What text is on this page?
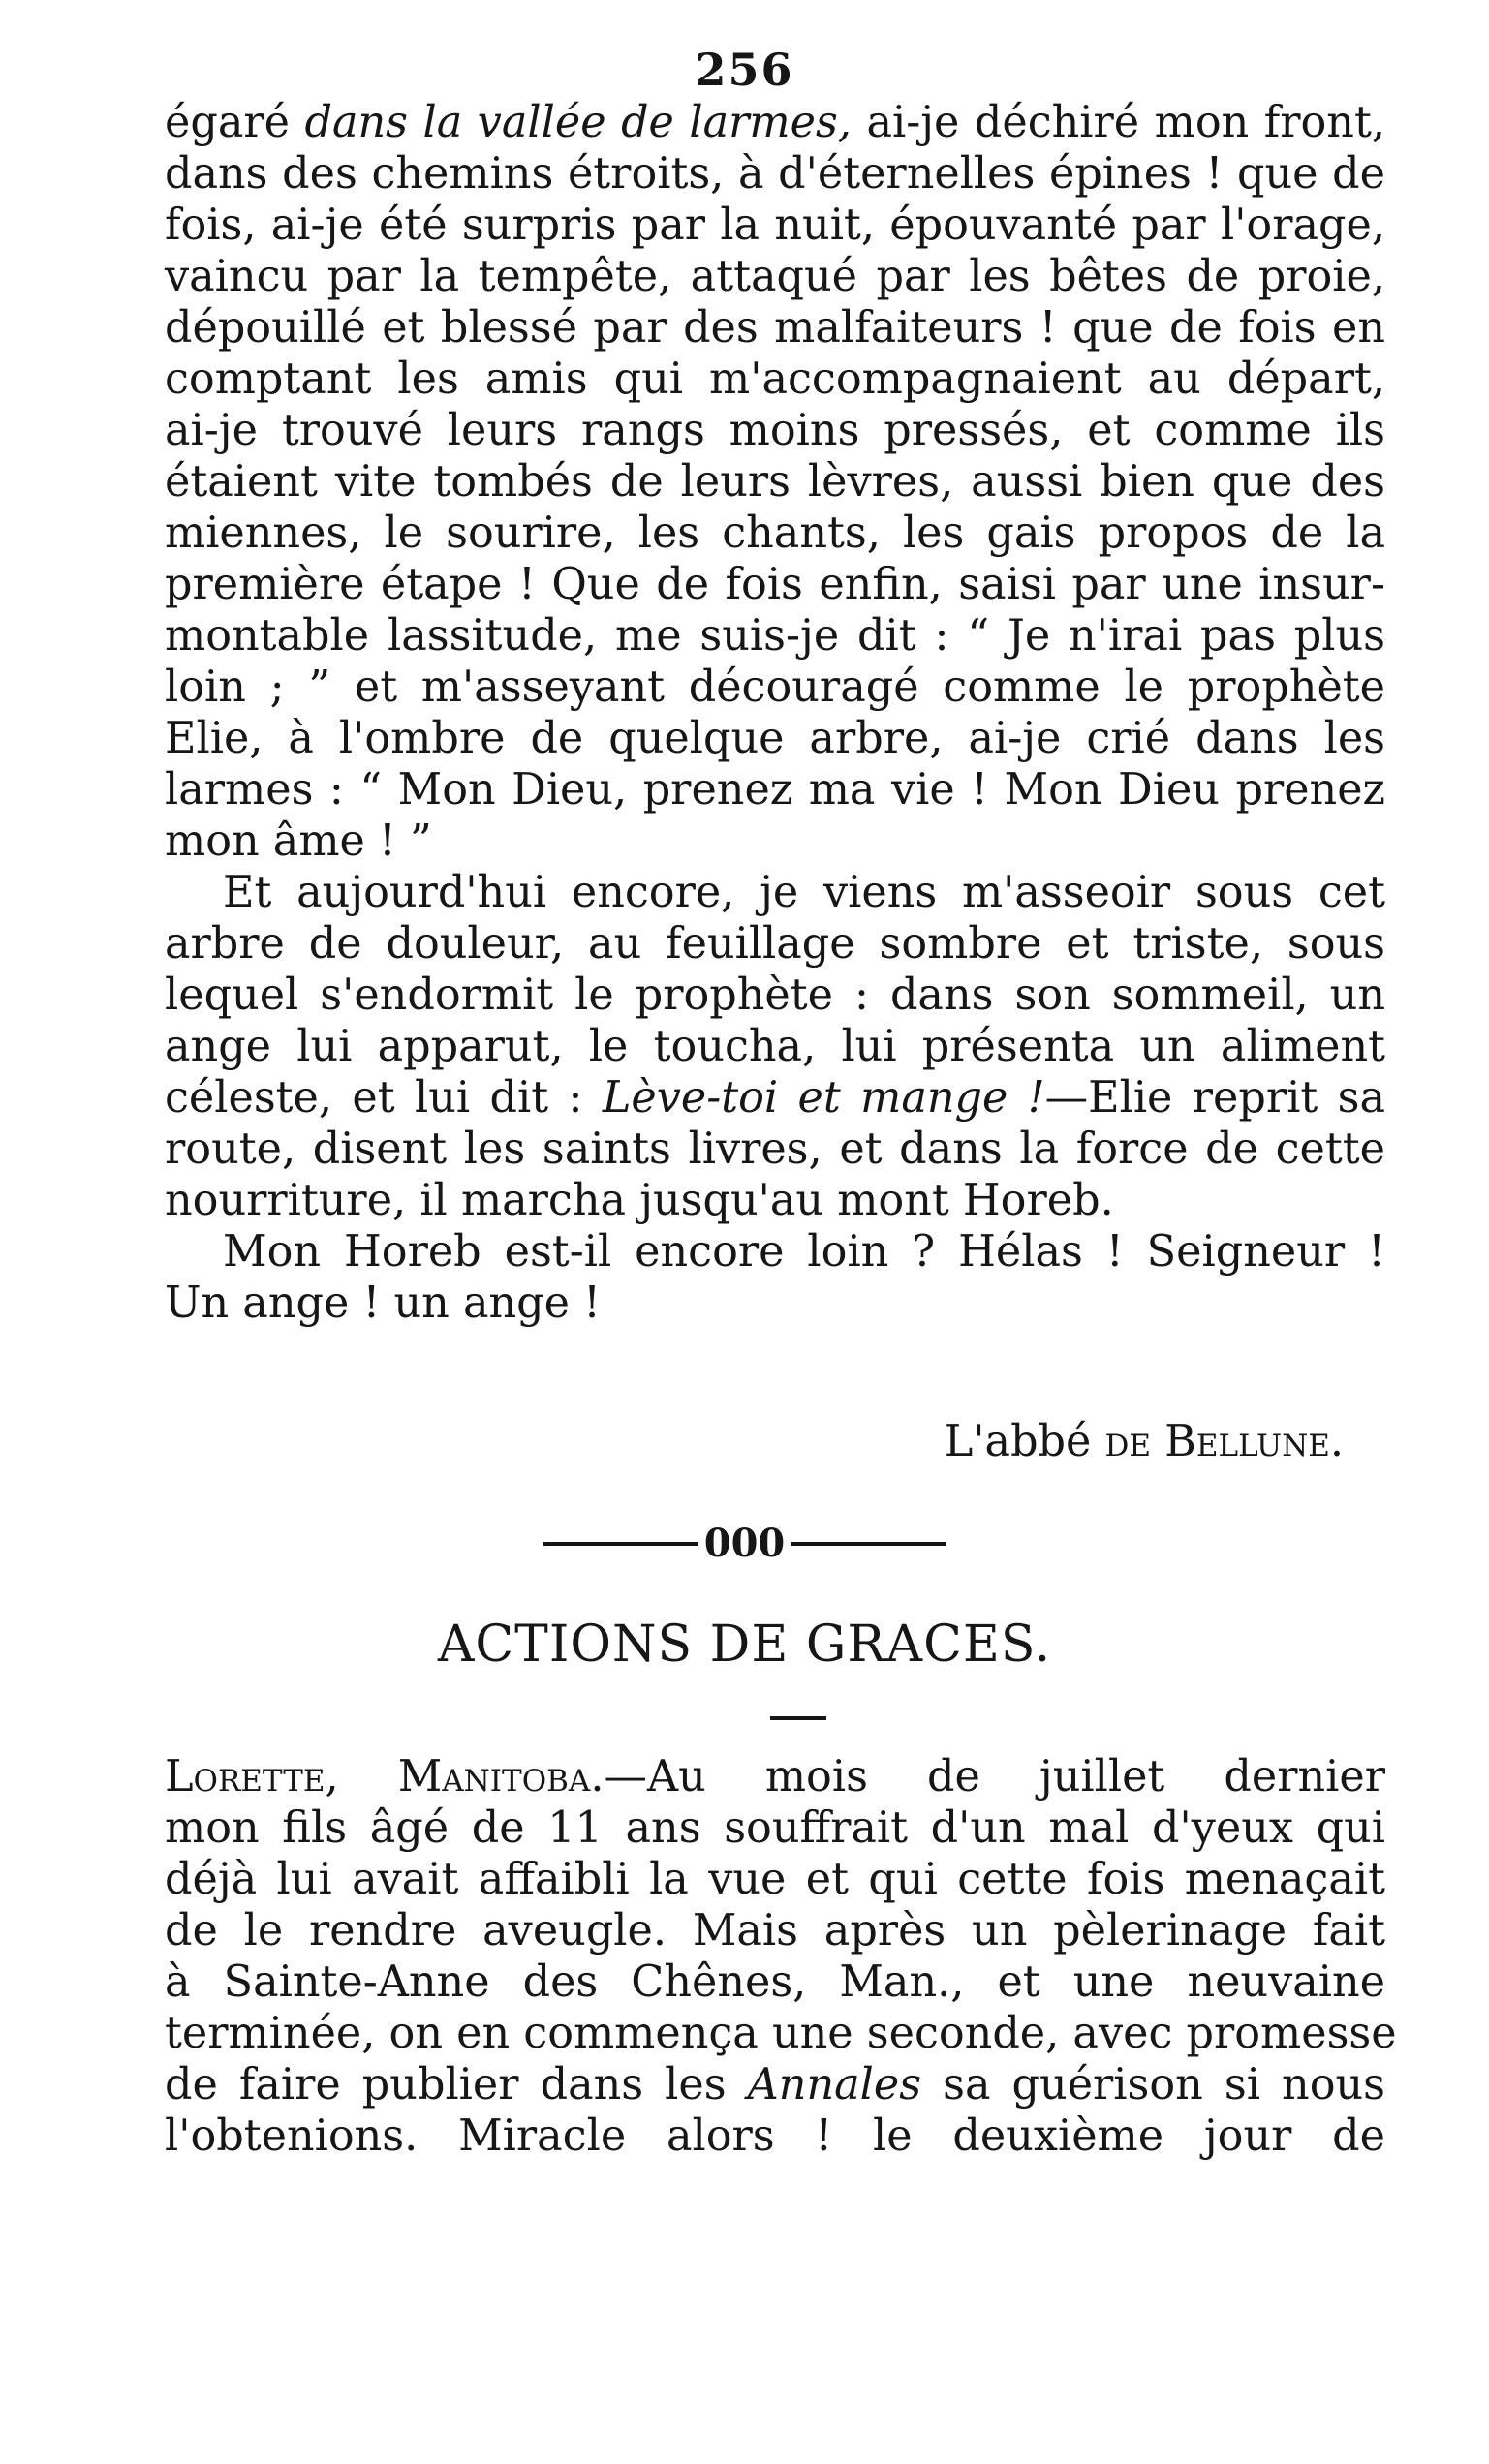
256
égaré dans la vallée de larmes, ai-je déchiré mon front,
dans des chemins étroits, à d'éternelles épines ! que de
fois, ai-je été surpris par la nuit, épouvanté par l'orage,
vaincu par la tempête, attaqué par les bêtes de proie,
dépouillé et blessé par des malfaiteurs ! que de fois en
comptant les amis qui m'accompagnaient au départ,
ai-je trouvé leurs rangs moins pressés, et comme ils
étaient vite tombés de leurs lèvres, aussi bien que des
miennes, le sourire, les chants, les gais propos de la
première étape ! Que de fois enfin, saisi par une insur-
montable lassitude, me suis-je dit : “ Je n'irai pas plus
loin ; ” et m'asseyant découragé comme le prophète
Elie, à l'ombre de quelque arbre, ai-je crié dans les
larmes : “ Mon Dieu, prenez ma vie ! Mon Dieu prenez
mon âme ! ”
Et aujourd'hui encore, je viens m'asseoir sous cet
arbre de douleur, au feuillage sombre et triste, sous
lequel s'endormit le prophète : dans son sommeil, un
ange lui apparut, le toucha, lui présenta un aliment
céleste, et lui dit : Lève-toi et mange !—Elie reprit sa
route, disent les saints livres, et dans la force de cette
nourriture, il marcha jusqu'au mont Horeb.
Mon Horeb est-il encore loin ? Hélas ! Seigneur !
Un ange ! un ange !
L'abbé de Bellune.
000
ACTIONS DE GRACES.
Lorette, Manitoba.—Au mois de juillet dernier
mon fils âgé de 11 ans souffrait d'un mal d'yeux qui
déjà lui avait affaibli la vue et qui cette fois menaçait
de le rendre aveugle. Mais après un pèlerinage fait
à Sainte-Anne des Chênes, Man., et une neuvaine
terminée, on en commença une seconde, avec promesse
de faire publier dans les Annales sa guérison si nous
l'obtenions. Miracle alors ! le deuxième jour de
